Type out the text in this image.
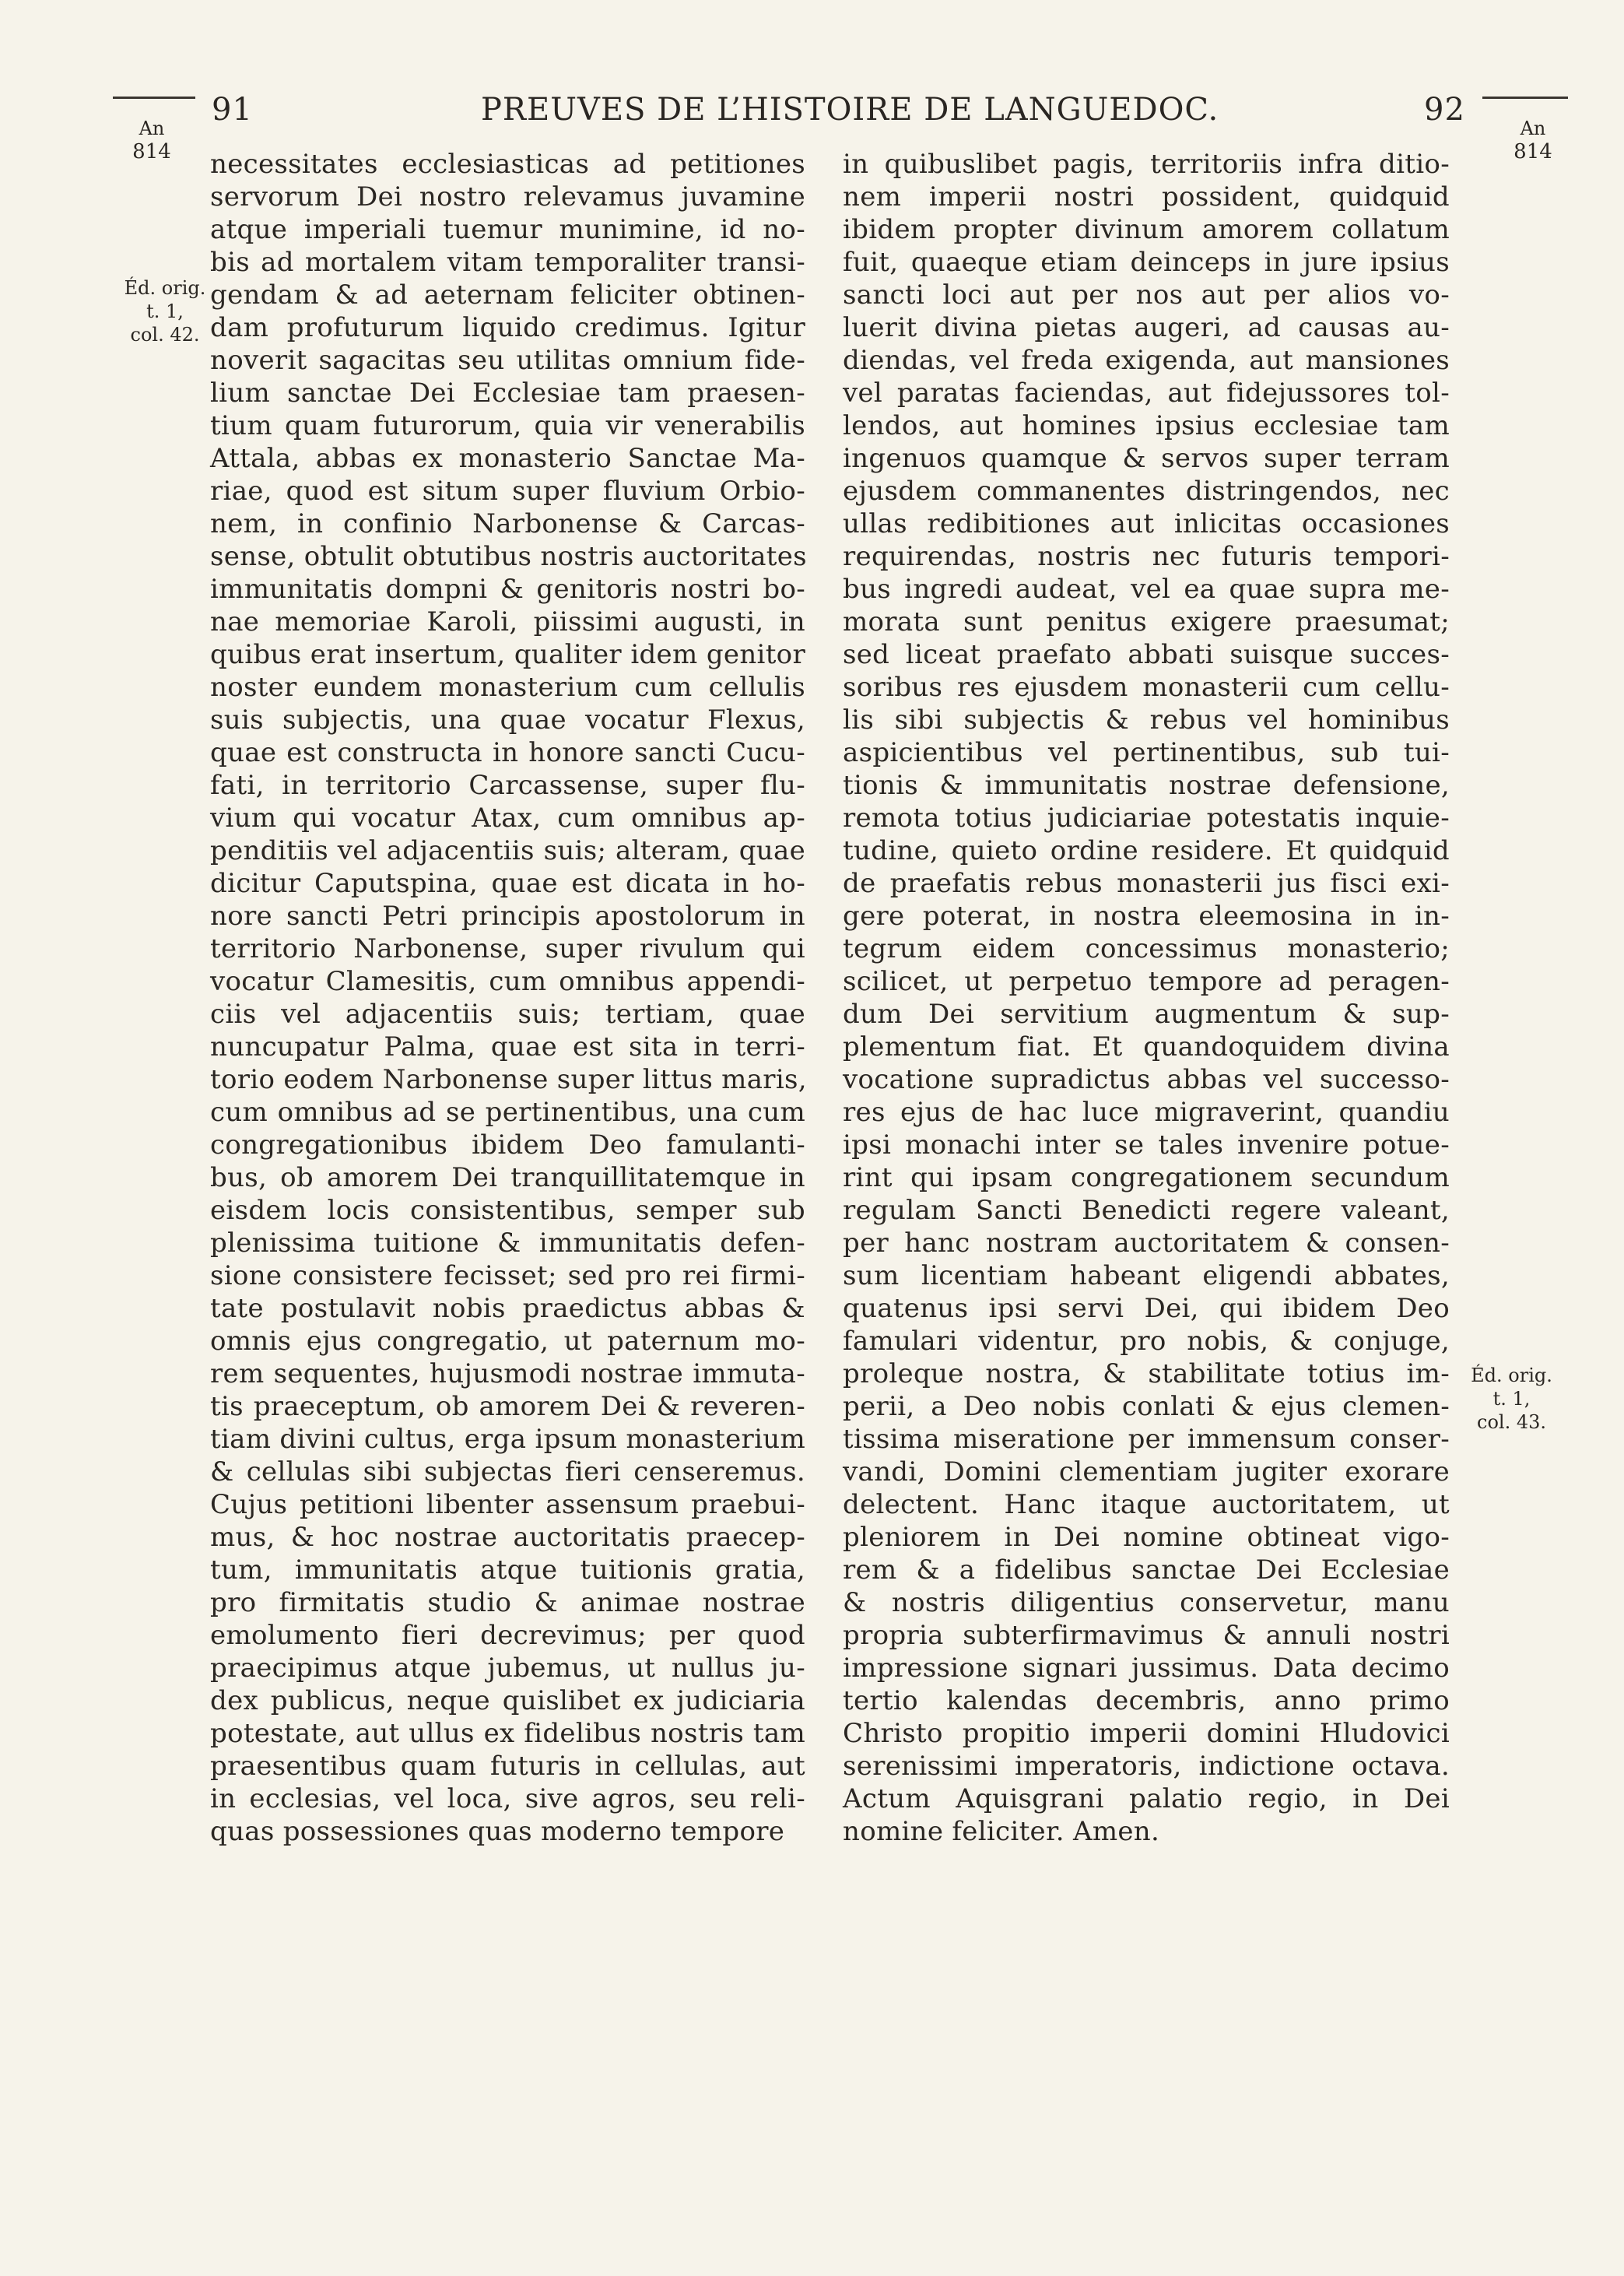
91	PREUVES DE L’HISTOIRE DE LANGUEDOC.	92
An
814
Éd. orig.
t. 1,
col. 42.
An
814
Éd. orig.
t. 1,
col. 43.
necessitates ecclesiasticas ad petitiones
servorum Dei nostro relevamus juvamine
atque imperiali tuemur munimine, id no-
bis ad mortalem vitam temporaliter transi-
gendam & ad aeternam feliciter obtinen-
dam profuturum liquido credimus. Igitur
noverit sagacitas seu utilitas omnium fide-
lium sanctae Dei Ecclesiae tam praesen-
tium quam futurorum, quia vir venerabilis
Attala, abbas ex monasterio Sanctae Ma-
riae, quod est situm super fluvium Orbio-
nem, in confinio Narbonense & Carcas-
sense, obtulit obtutibus nostris auctoritates
immunitatis dompni & genitoris nostri bo-
nae memoriae Karoli, piissimi augusti, in
quibus erat insertum, qualiter idem genitor
noster eundem monasterium cum cellulis
suis subjectis, una quae vocatur Flexus,
quae est constructa in honore sancti Cucu-
fati, in territorio Carcassense, super flu-
vium qui vocatur Atax, cum omnibus ap-
penditiis vel adjacentiis suis; alteram, quae
dicitur Caputspina, quae est dicata in ho-
nore sancti Petri principis apostolorum in
territorio Narbonense, super rivulum qui
vocatur Clamesitis, cum omnibus appendi-
ciis vel adjacentiis suis; tertiam, quae
nuncupatur Palma, quae est sita in terri-
torio eodem Narbonense super littus maris,
cum omnibus ad se pertinentibus, una cum
congregationibus ibidem Deo famulanti-
bus, ob amorem Dei tranquillitatemque in
eisdem locis consistentibus, semper sub
plenissima tuitione & immunitatis defen-
sione consistere fecisset; sed pro rei firmi-
tate postulavit nobis praedictus abbas &
omnis ejus congregatio, ut paternum mo-
rem sequentes, hujusmodi nostrae immuta-
tis praeceptum, ob amorem Dei & reveren-
tiam divini cultus, erga ipsum monasterium
& cellulas sibi subjectas fieri censeremus.
Cujus petitioni libenter assensum praebui-
mus, & hoc nostrae auctoritatis praecep-
tum, immunitatis atque tuitionis gratia,
pro firmitatis studio & animae nostrae
emolumento fieri decrevimus; per quod
praecipimus atque jubemus, ut nullus ju-
dex publicus, neque quislibet ex judiciaria
potestate, aut ullus ex fidelibus nostris tam
praesentibus quam futuris in cellulas, aut
in ecclesias, vel loca, sive agros, seu reli-
quas possessiones quas moderno tempore
in quibuslibet pagis, territoriis infra ditio-
nem imperii nostri possident, quidquid
ibidem propter divinum amorem collatum
fuit, quaeque etiam deinceps in jure ipsius
sancti loci aut per nos aut per alios vo-
luerit divina pietas augeri, ad causas au-
diendas, vel freda exigenda, aut mansiones
vel paratas faciendas, aut fidejussores tol-
lendos, aut homines ipsius ecclesiae tam
ingenuos quamque & servos super terram
ejusdem commanentes distringendos, nec
ullas redibitiones aut inlicitas occasiones
requirendas, nostris nec futuris tempori-
bus ingredi audeat, vel ea quae supra me-
morata sunt penitus exigere praesumat;
sed liceat praefato abbati suisque succes-
soribus res ejusdem monasterii cum cellu-
lis sibi subjectis & rebus vel hominibus
aspicientibus vel pertinentibus, sub tui-
tionis & immunitatis nostrae defensione,
remota totius judiciariae potestatis inquie-
tudine, quieto ordine residere. Et quidquid
de praefatis rebus monasterii jus fisci exi-
gere poterat, in nostra eleemosina in in-
tegrum eidem concessimus monasterio;
scilicet, ut perpetuo tempore ad peragen-
dum Dei servitium augmentum & sup-
plementum fiat. Et quandoquidem divina
vocatione supradictus abbas vel successo-
res ejus de hac luce migraverint, quandiu
ipsi monachi inter se tales invenire potue-
rint qui ipsam congregationem secundum
regulam Sancti Benedicti regere valeant,
per hanc nostram auctoritatem & consen-
sum licentiam habeant eligendi abbates,
quatenus ipsi servi Dei, qui ibidem Deo
famulari videntur, pro nobis, & conjuge,
proleque nostra, & stabilitate totius im-
perii, a Deo nobis conlati & ejus clemen-
tissima miseratione per immensum conser-
vandi, Domini clementiam jugiter exorare
delectent. Hanc itaque auctoritatem, ut
pleniorem in Dei nomine obtineat vigo-
rem & a fidelibus sanctae Dei Ecclesiae
& nostris diligentius conservetur, manu
propria subterfirmavimus & annuli nostri
impressione signari jussimus. Data decimo
tertio kalendas decembris, anno primo
Christo propitio imperii domini Hludovici
serenissimi imperatoris, indictione octava.
Actum Aquisgrani palatio regio, in Dei
nomine feliciter. Amen.
